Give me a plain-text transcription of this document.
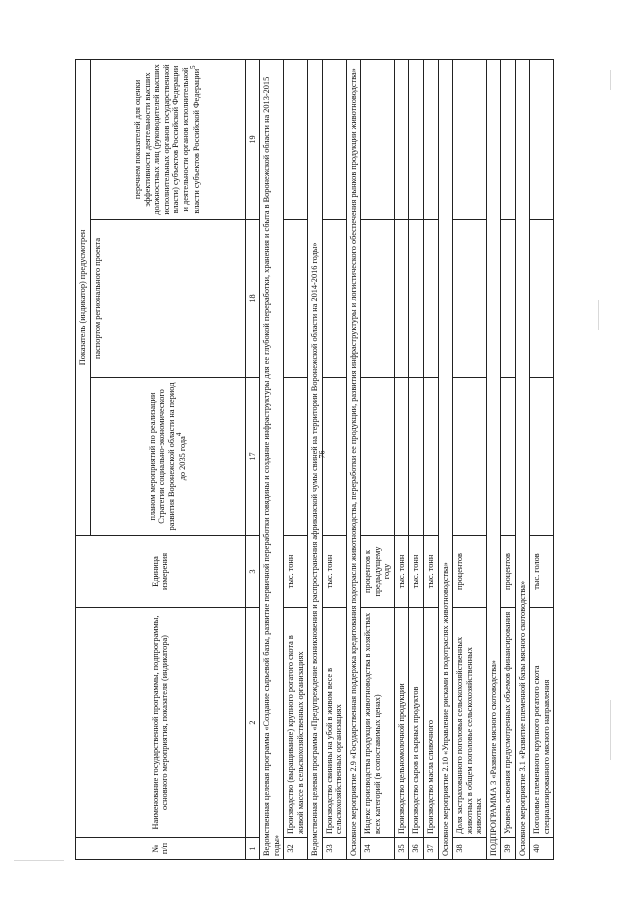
76
№ п/п	Наименование государственной программы, подпрограммы, основного мероприятия, показателя (индикатора)	Единица измерения	Показатель (индикатор) предусмотрен		
			планом мероприятий по реализации Стратегии социально-экономического развития Воронежской области на период до 2035 года$^4$	паспортом регионального проекта	перечнем показателей для оценки эффективности деятельности высших должностных лиц (руководителей высших исполнительных органов государственной власти) субъектов Российской Федерации и деятельности органов исполнительной власти субъектов Российской Федерации$^5$
1	2	3	17	18	19
Ведомственная целевая программа «Создание сырьевой базы, развитие первичной переработки говядины и создание инфраструктуры для ее глубокой переработки, хранения и сбыта в Воронежской области на 2013-2015 годы»					
32	Производство (выращивание) крупного рогатого скота в живой массе в сельскохозяйственных организациях	тыс. тонн			
Ведомственная целевая программа «Предупреждение возникновения и распространения африканской чумы свиней на территории Воронежской области на 2014-2016 годы»					
33	Производство свинины на убой в живом весе в сельскохозяйственных организациях	тыс. тонн			
Основное мероприятие 2.9 «Государственная поддержка кредитования подотрасли животноводства, переработки ее продукции, развития инфраструктуры и логистического обеспечения рынков продукции животноводства»					
34	Индекс производства продукции животноводства в хозяйствах всех категорий (в сопоставимых ценах)	процентов к предыдущему году			
35	Производство цельномолочной продукции	тыс. тонн			
36	Производство сыров и сырных продуктов	тыс. тонн			
37	Производство масла сливочного	тыс. тонн			
Основное мероприятие 2.10 «Управление рисками в подотраслях животноводства»					
38	Доля застрахованного поголовья сельскохозяйственных животных в общем поголовье сельскохозяйственных животных	процентов			
ПОДПРОГРАММА 3 «Развитие мясного скотоводства»					
39	Уровень освоения предусмотренных объемов финансирования	процентов			
Основное мероприятие 3.1 «Развитие племенной базы мясного скотоводства»					
40	Поголовье племенного крупного рогатого скота специализированного мясного направления	тыс. голов			
